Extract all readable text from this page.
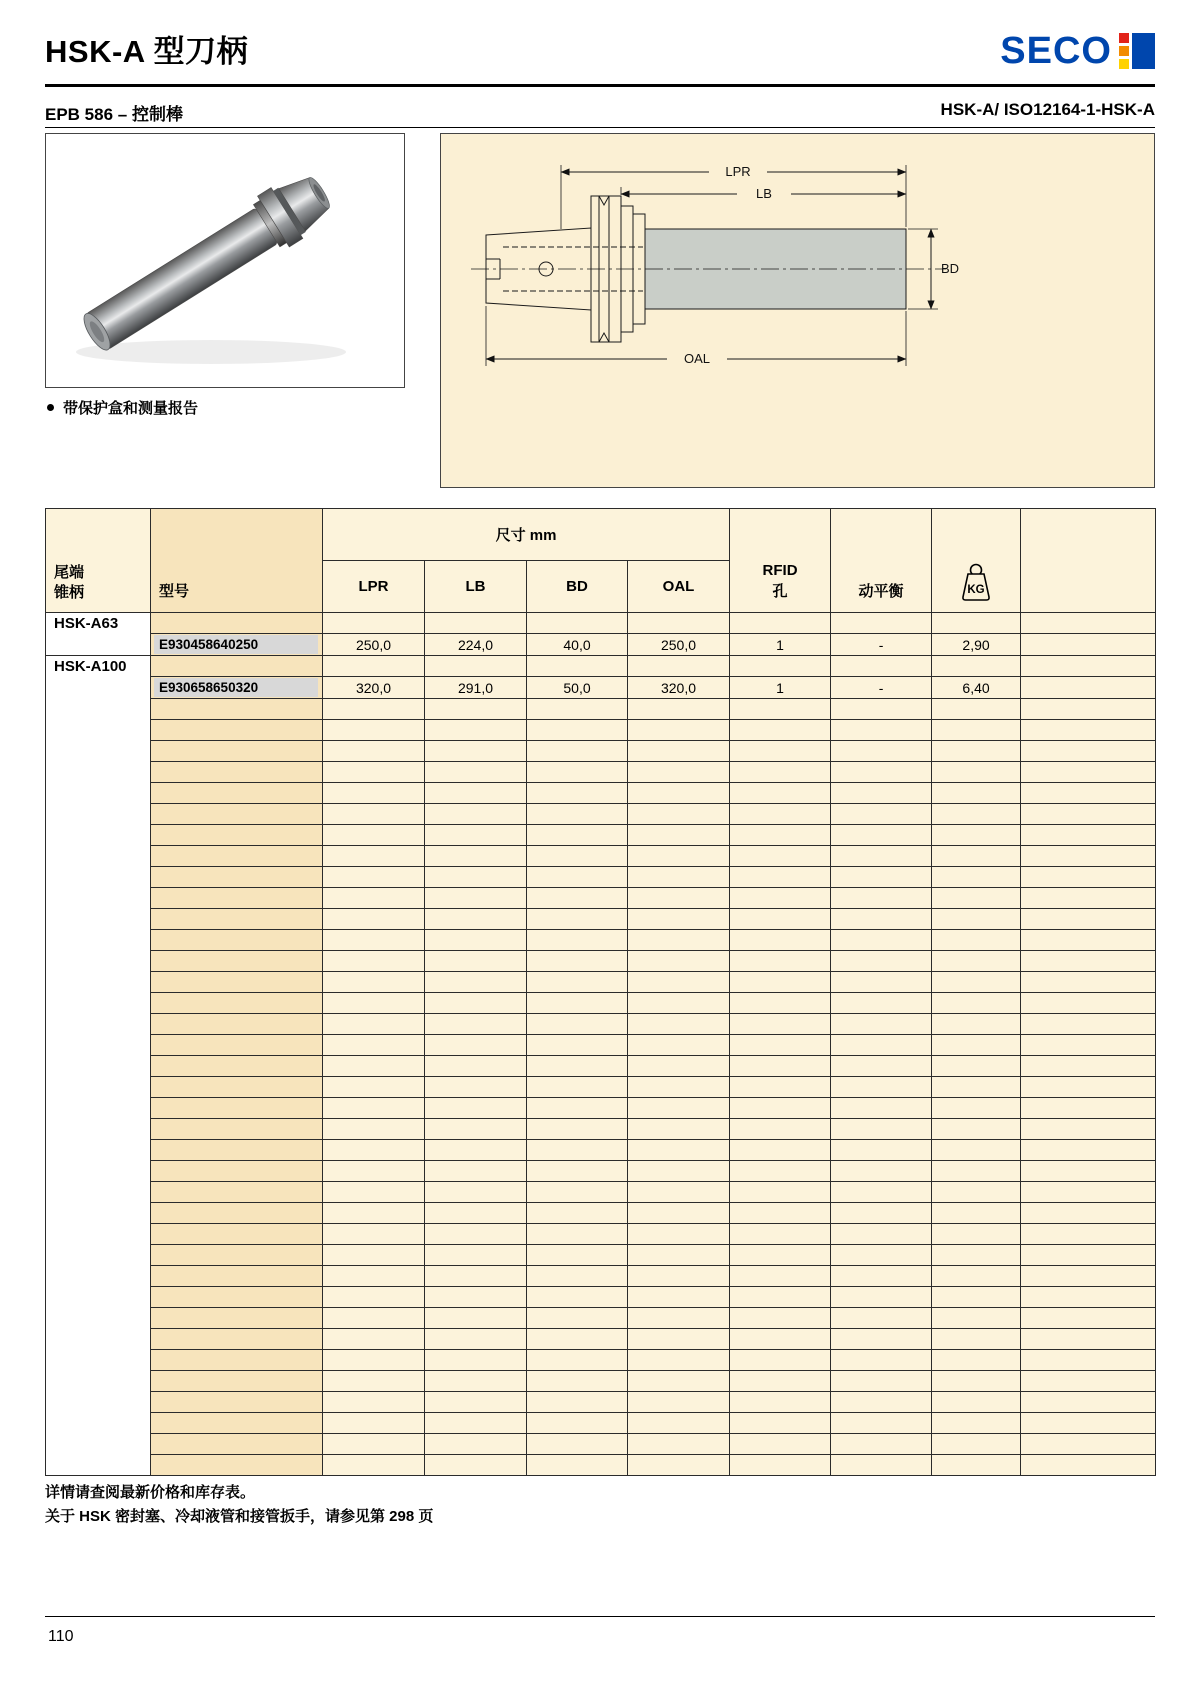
HSK-A 型刀柄	SECO
EPB 586 – 控制棒	HSK-A/ ISO12164-1-HSK-A
带保护盒和测量报告
LPR
LB
OAL
BD
尾端
锥柄	型号	尺寸 mm	
RFID
孔	动平衡	KG

		LPR	LB	BD	OAL				
HSK-A63									

	E930458640250	250,0	224,0	40,0	250,0	1	-	2,90	
HSK-A100									

	E930658650320	320,0	291,0	50,0	320,0	1	-	6,40	

详情请查阅最新价格和库存表。
关于 HSK 密封塞、冷却液管和接管扳手，请参见第 298 页
110
